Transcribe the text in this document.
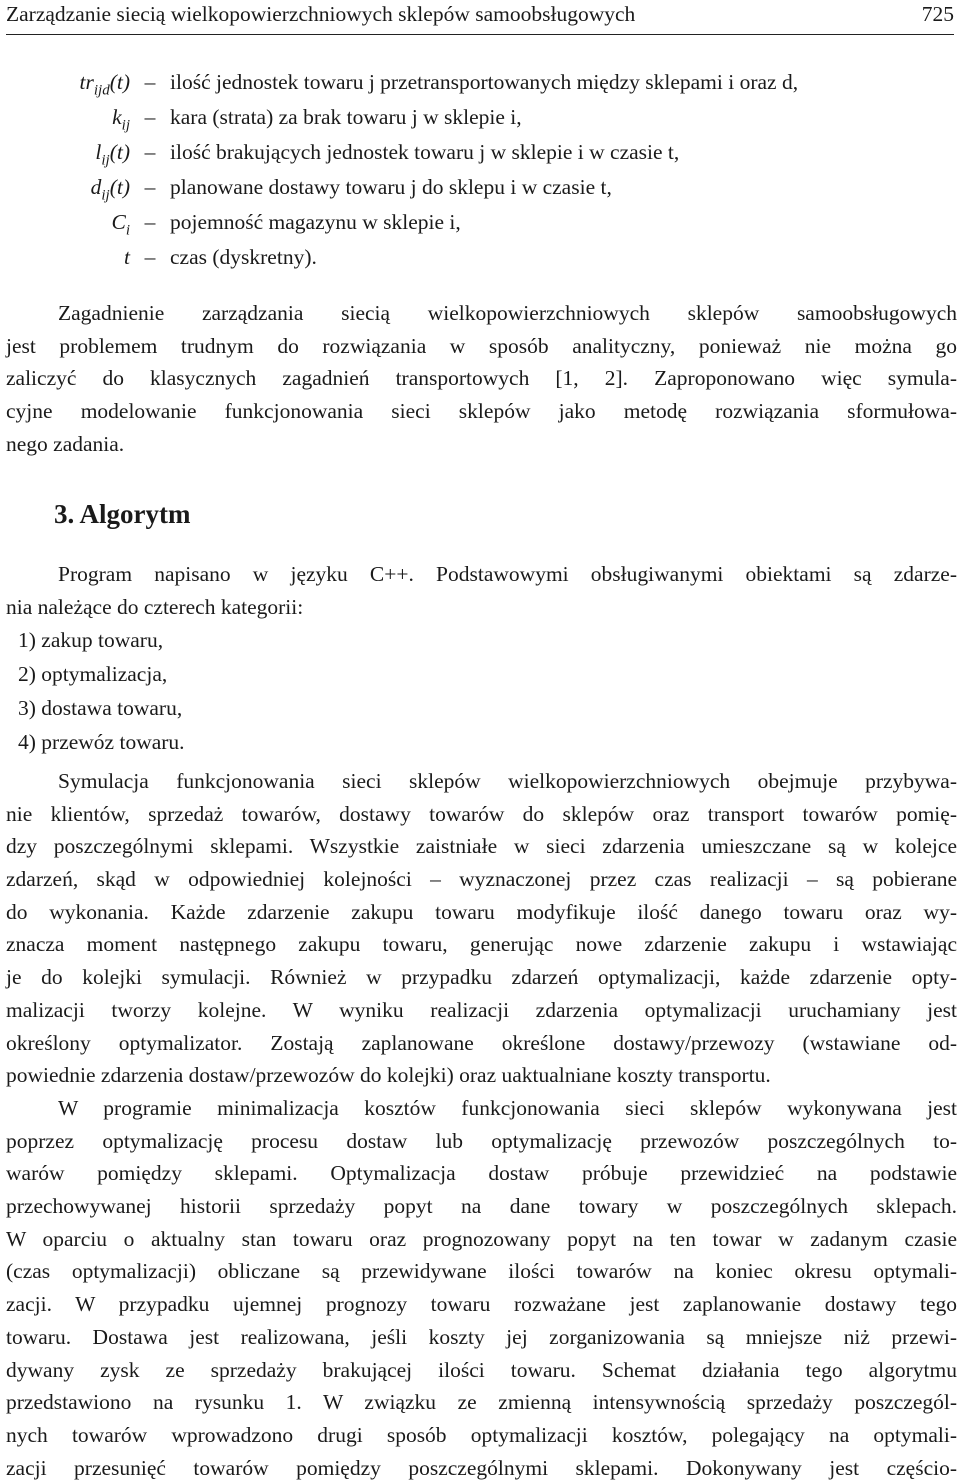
Zarządzanie siecią wielkopowierzchniowych sklepów samoobsługowych	725
$tr_{ijd}(t)$ – ilość jednostek towaru j przetransportowanych między sklepami i oraz d,
$k_{ij}$ – kara (strata) za brak towaru j w sklepie i,
$l_{ij}(t)$ – ilość brakujących jednostek towaru j w sklepie i w czasie t,
$d_{ij}(t)$ – planowane dostawy towaru j do sklepu i w czasie t,
$C_i$ – pojemność magazynu w sklepie i,
t – czas (dyskretny).
Zagadnienie zarządzania siecią wielkopowierzchniowych sklepów samoobsługowych
jest problemem trudnym do rozwiązania w sposób analityczny, ponieważ nie można go
zaliczyć do klasycznych zagadnień transportowych [1, 2]. Zaproponowano więc symula-
cyjne modelowanie funkcjonowania sieci sklepów jako metodę rozwiązania sformułowa-
nego zadania.
3. Algorytm
Program napisano w języku C++. Podstawowymi obsługiwanymi obiektami są zdarze-
nia należące do czterech kategorii:
1) zakup towaru,
2) optymalizacja,
3) dostawa towaru,
4) przewóz towaru.
Symulacja funkcjonowania sieci sklepów wielkopowierzchniowych obejmuje przybywa-
nie klientów, sprzedaż towarów, dostawy towarów do sklepów oraz transport towarów pomię-
dzy poszczególnymi sklepami. Wszystkie zaistniałe w sieci zdarzenia umieszczane są w kolejce
zdarzeń, skąd w odpowiedniej kolejności – wyznaczonej przez czas realizacji – są pobierane
do wykonania. Każde zdarzenie zakupu towaru modyfikuje ilość danego towaru oraz wy-
znacza moment następnego zakupu towaru, generując nowe zdarzenie zakupu i wstawiając
je do kolejki symulacji. Również w przypadku zdarzeń optymalizacji, każde zdarzenie opty-
malizacji tworzy kolejne. W wyniku realizacji zdarzenia optymalizacji uruchamiany jest
określony optymalizator. Zostają zaplanowane określone dostawy/przewozy (wstawiane od-
powiednie zdarzenia dostaw/przewozów do kolejki) oraz uaktualniane koszty transportu.
W programie minimalizacja kosztów funkcjonowania sieci sklepów wykonywana jest
poprzez optymalizację procesu dostaw lub optymalizację przewozów poszczególnych to-
warów pomiędzy sklepami. Optymalizacja dostaw próbuje przewidzieć na podstawie
przechowywanej historii sprzedaży popyt na dane towary w poszczególnych sklepach.
W oparciu o aktualny stan towaru oraz prognozowany popyt na ten towar w zadanym czasie
(czas optymalizacji) obliczane są przewidywane ilości towarów na koniec okresu optymali-
zacji. W przypadku ujemnej prognozy towaru rozważane jest zaplanowanie dostawy tego
towaru. Dostawa jest realizowana, jeśli koszty jej zorganizowania są mniejsze niż przewi-
dywany zysk ze sprzedaży brakującej ilości towaru. Schemat działania tego algorytmu
przedstawiono na rysunku 1. W związku ze zmienną intensywnością sprzedaży poszczegól-
nych towarów wprowadzono drugi sposób optymalizacji kosztów, polegający na optymali-
zacji przesunięć towarów pomiędzy poszczególnymi sklepami. Dokonywany jest częścio-
